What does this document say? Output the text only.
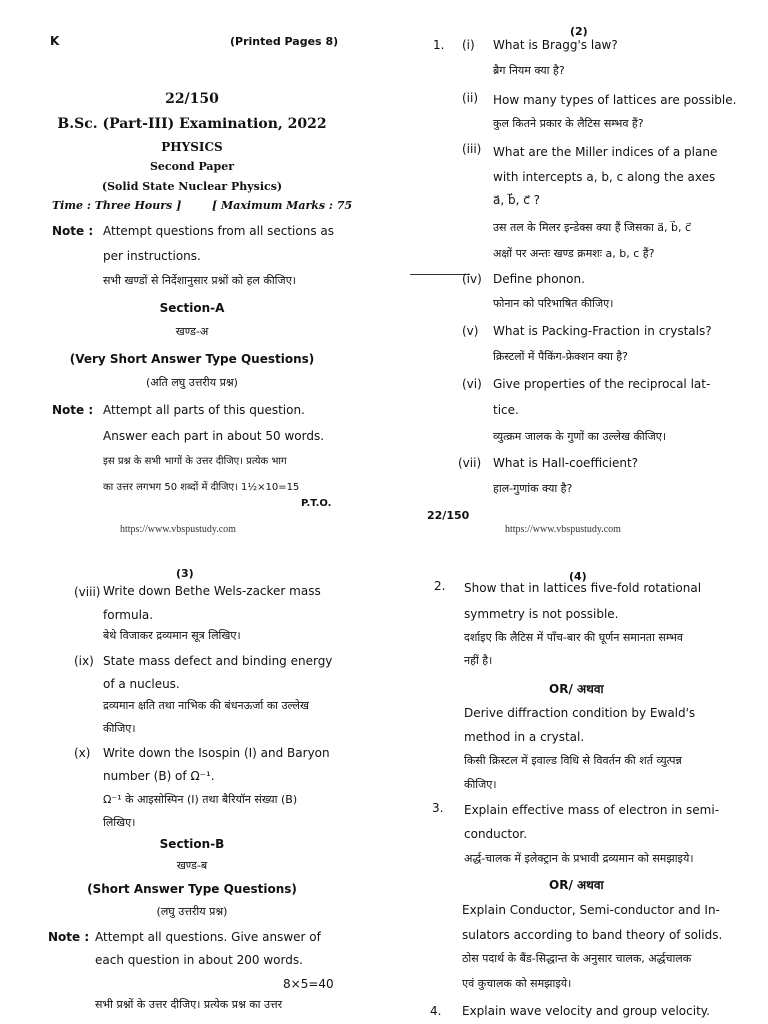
K	(Printed Pages 8)
22/150
B.Sc. (Part-III) Examination, 2022
PHYSICS
Second Paper
(Solid State Nuclear Physics)
Time : Three Hours ]	[ Maximum Marks : 75
Note : Attempt questions from all sections as
per instructions.
सभी खण्डों से निर्देशानुसार प्रश्नों को हल कीजिए।
Section-A
खण्ड-अ
(Very Short Answer Type Questions)
(अति लघु उत्तरीय प्रश्न)
Note : Attempt all parts of this question.
Answer each part in about 50 words.
इस प्रश्न के सभी भागों के उत्तर दीजिए। प्रत्येक भाग
का उत्तर लगभग 50 शब्दों में दीजिए। 1½×10=15
P.T.O.
https://www.vbspustudy.com
(2)
1. (i) What is Bragg's law?
ब्रैग नियम क्या है?
(ii) How many types of lattices are possible.
कुल कितने प्रकार के लैटिस सम्भव हैं?
(iii) What are the Miller indices of a plane
with intercepts a, b, c along the axes
a⃗, b⃗, c⃗ ?
उस तल के मिलर इन्डेक्स क्या हैं जिसका a⃗, b⃗, c⃗
अक्षों पर अन्तः खण्ड क्रमशः a, b, c हैं?
(iv) Define phonon.
फोनान को परिभाषित कीजिए।
(v) What is Packing-Fraction in crystals?
क्रिस्टलों में पैकिंग-फ्रेक्शन क्या है?
(vi) Give properties of the reciprocal lat-
tice.
व्युत्क्रम जालक के गुणों का उल्लेख कीजिए।
(vii) What is Hall-coefficient?
हाल-गुणांक क्या है?
22/150
https://www.vbspustudy.com
(3)
(viii) Write down Bethe Wels-zacker mass
formula.
बेथे विजाकर द्रव्यमान सूत्र लिखिए।
(ix) State mass defect and binding energy
of a nucleus.
द्रव्यमान क्षति तथा नाभिक की बंधनऊर्जा का उल्लेख
कीजिए।
(x) Write down the Isospin (I) and Baryon
number (B) of Ω⁻¹.
Ω⁻¹ के आइसोस्पिन (I) तथा बैरियॉन संख्या (B)
लिखिए।
Section-B
खण्ड-ब
(Short Answer Type Questions)
(लघु उत्तरीय प्रश्न)
Note : Attempt all questions. Give answer of
each question in about 200 words.
8×5=40
सभी प्रश्नों के उत्तर दीजिए। प्रत्येक प्रश्न का उत्तर
(4)
2. Show that in lattices five-fold rotational
symmetry is not possible.
दर्शाइए कि लैटिस में पाँच-बार की घूर्णन समानता सम्भव
नहीं है।
OR/ अथवा
Derive diffraction condition by Ewald's
method in a crystal.
किसी क्रिस्टल में इवाल्ड विधि से विवर्तन की शर्त व्युत्पन्न
कीजिए।
3. Explain effective mass of electron in semi-
conductor.
अर्द्ध-चालक में इलेक्ट्रान के प्रभावी द्रव्यमान को समझाइये।
OR/ अथवा
Explain Conductor, Semi-conductor and In-
sulators according to band theory of solids.
ठोस पदार्थ के बैंड-सिद्धान्त के अनुसार चालक, अर्द्धचालक
एवं कुचालक को समझाइये।
4. Explain wave velocity and group velocity.
